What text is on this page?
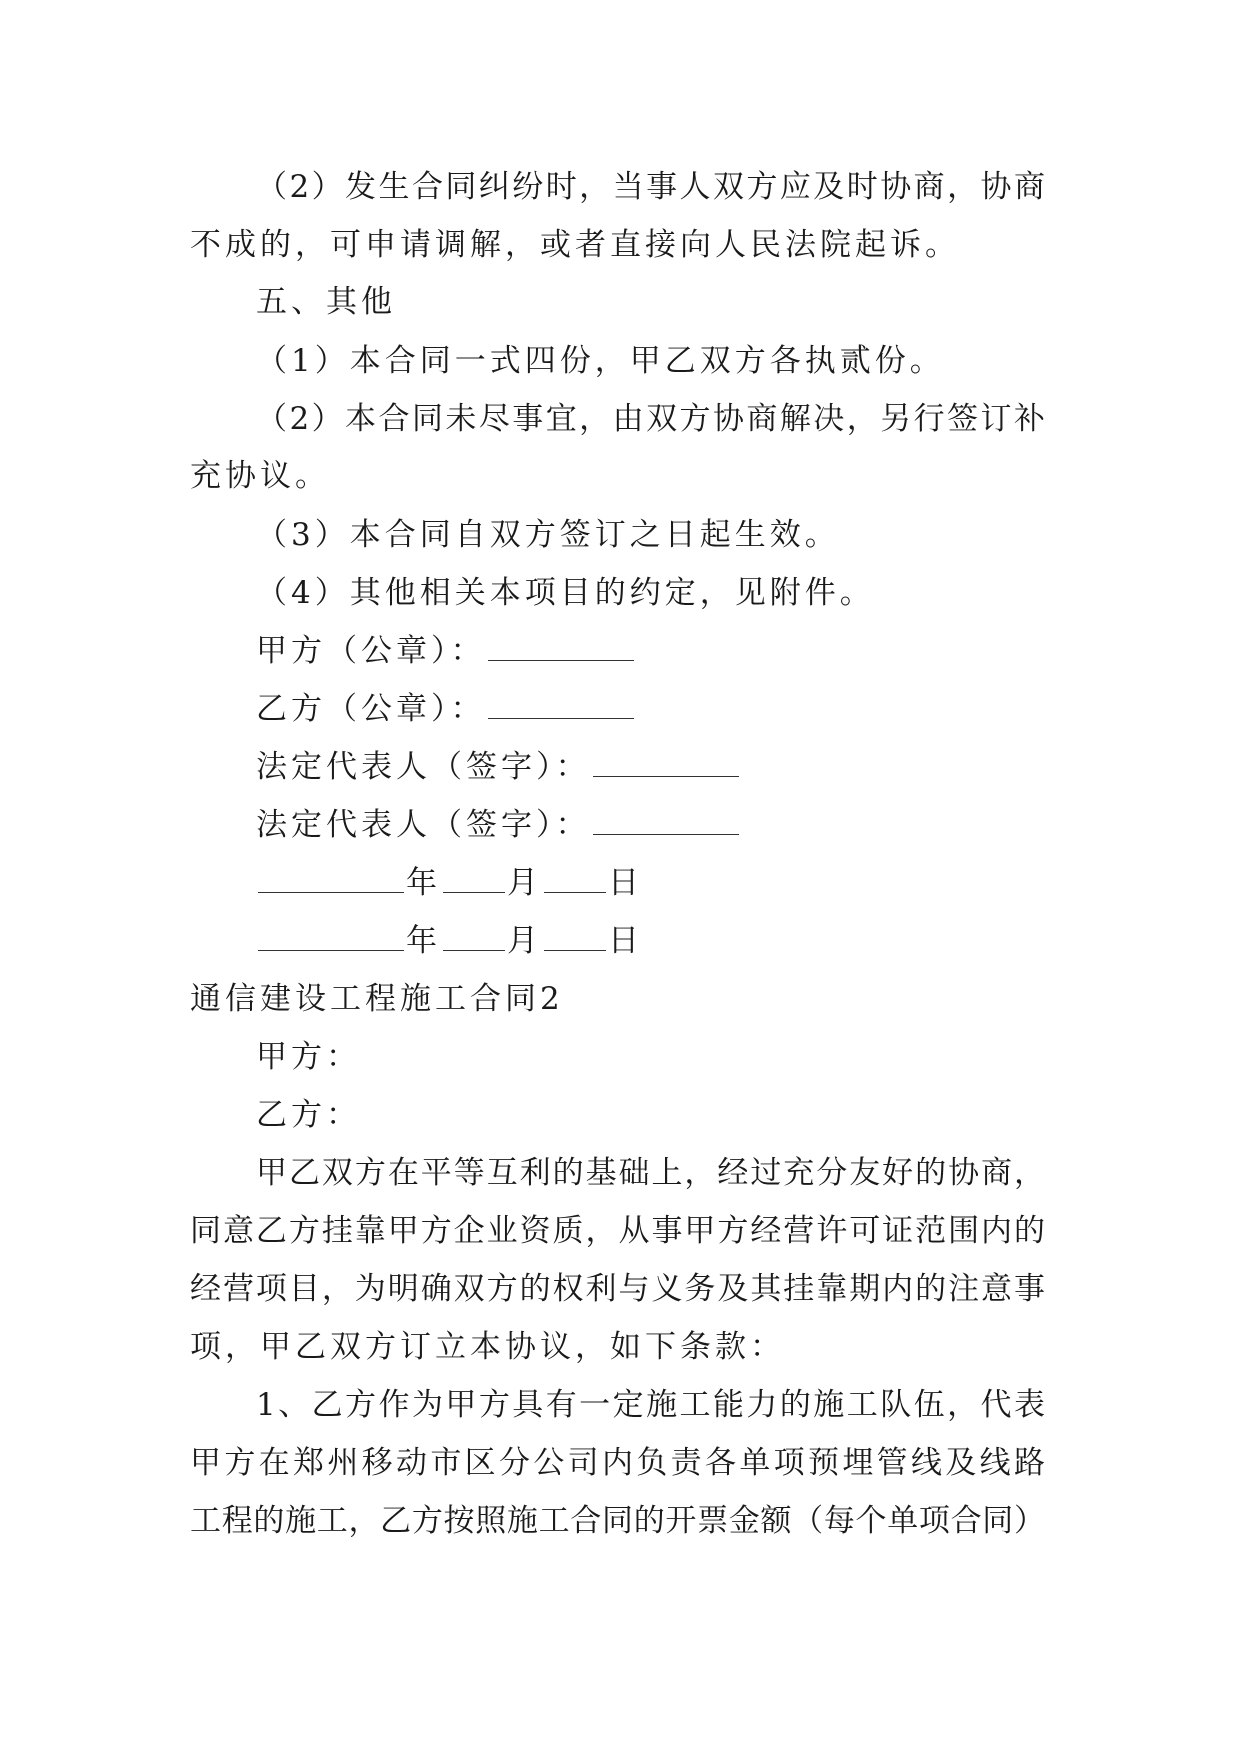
（2）发生合同纠纷时，当事人双方应及时协商，协商
不成的，可申请调解，或者直接向人民法院起诉。
五、其他
（1）本合同一式四份，甲乙双方各执贰份。
（2）本合同未尽事宜，由双方协商解决，另行签订补
充协议。
（3）本合同自双方签订之日起生效。
（4）其他相关本项目的约定，见附件。
甲方（公章）：
乙方（公章）：
法定代表人（签字）：
法定代表人（签字）：
年 月 日
年 月 日
通信建设工程施工合同2
甲方：
乙方：
甲乙双方在平等互利的基础上，经过充分友好的协商，
同意乙方挂靠甲方企业资质，从事甲方经营许可证范围内的
经营项目，为明确双方的权利与义务及其挂靠期内的注意事
项，甲乙双方订立本协议，如下条款：
1、乙方作为甲方具有一定施工能力的施工队伍，代表
甲方在郑州移动市区分公司内负责各单项预埋管线及线路
工程的施工，乙方按照施工合同的开票金额（每个单项合同）
